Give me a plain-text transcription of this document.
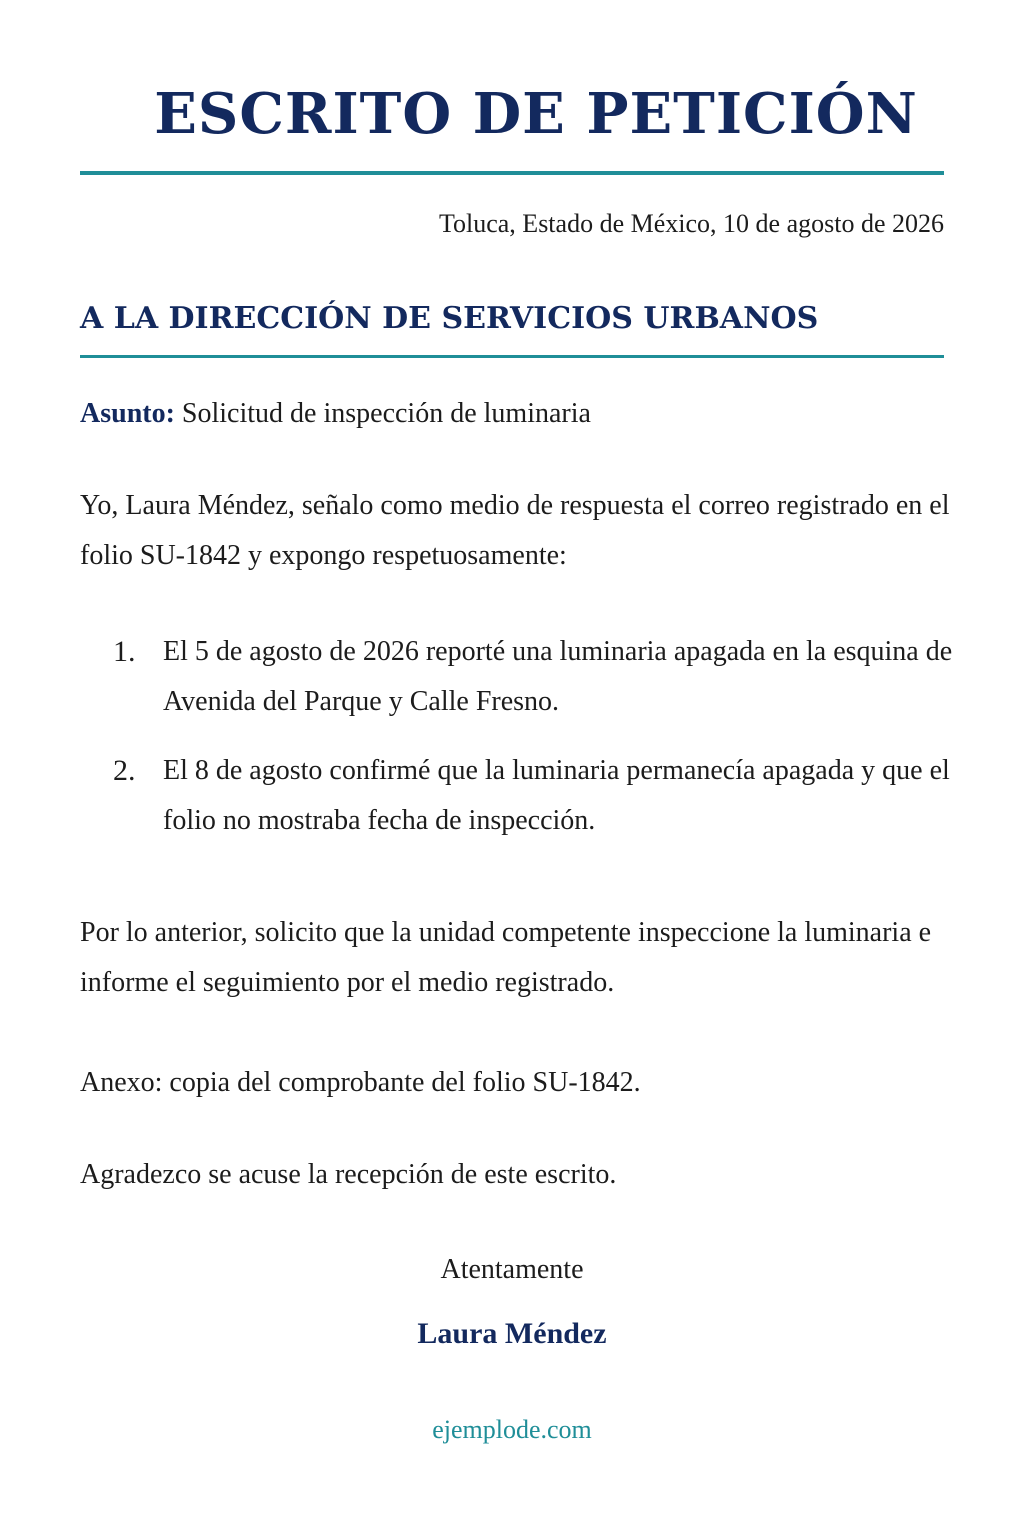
ESCRITO DE PETICIÓN
Toluca, Estado de México, 10 de agosto de 2026
A LA DIRECCIÓN DE SERVICIOS URBANOS
Asunto: Solicitud de inspección de luminaria

Yo, Laura Méndez, señalo como medio de respuesta el correo registrado en el folio SU-1842 y expongo respetuosamente:

1. El 5 de agosto de 2026 reporté una luminaria apagada en la esquina de Avenida del Parque y Calle Fresno.
2. El 8 de agosto confirmé que la luminaria permanecía apagada y que el folio no mostraba fecha de inspección.

Por lo anterior, solicito que la unidad competente inspeccione la luminaria e informe el seguimiento por el medio registrado.

Anexo: copia del comprobante del folio SU-1842.

Agradezco se acuse la recepción de este escrito.

Atentamente
Laura Méndez
ejemplode.com
